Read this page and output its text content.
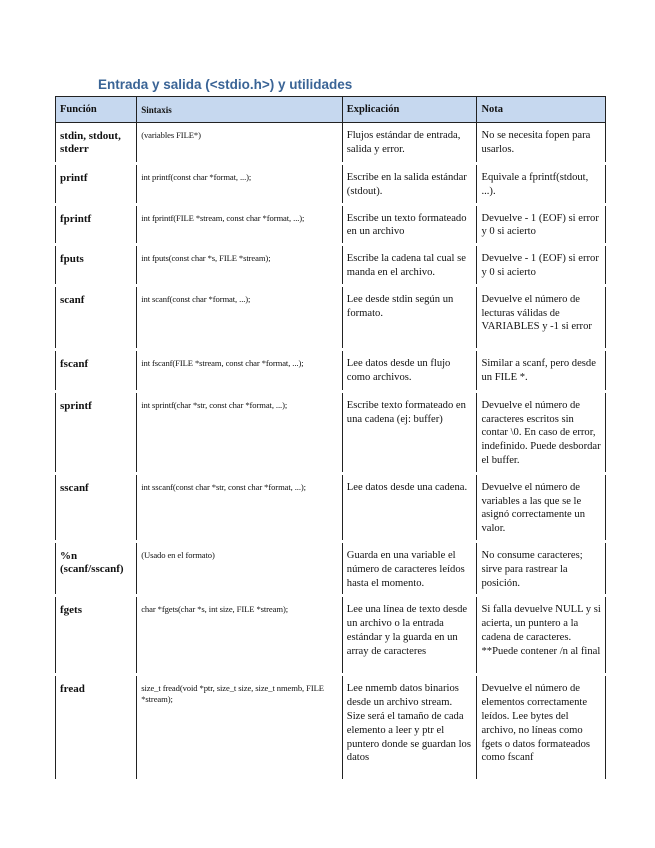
Entrada y salida (<stdio.h>) y utilidades
Función	Sintaxis	Explicación	Nota
stdin, stdout, stderr	(variables FILE*)	Flujos estándar de entrada, salida y error.	No se necesita fopen para usarlos.
printf	int printf(const char *format, ...);	Escribe en la salida estándar (stdout).	Equivale a fprintf(stdout, ...).
fprintf	int fprintf(FILE *stream, const char *format, ...);	Escribe un texto formateado en un archivo	Devuelve - 1 (EOF) si error y 0 si acierto
fputs	int fputs(const char *s, FILE *stream);	Escribe la cadena tal cual se manda en el archivo.	Devuelve - 1 (EOF) si error y 0 si acierto
scanf	int scanf(const char *format, ...);	Lee desde stdin según un formato.	Devuelve el número de lecturas válidas de VARIABLES y -1 si error
fscanf	int fscanf(FILE *stream, const char *format, ...);	Lee datos desde un flujo como archivos.	Similar a scanf, pero desde un FILE *.
sprintf	int sprintf(char *str, const char *format, ...);	Escribe texto formateado en una cadena (ej: buffer)	Devuelve el número de caracteres escritos sin contar \0. En caso de error, indefinido. Puede desbordar el buffer.
sscanf	int sscanf(const char *str, const char *format, ...);	Lee datos desde una cadena.	Devuelve el número de variables a las que se le asignó correctamente un valor.
%n (scanf/sscanf)	(Usado en el formato)	Guarda en una variable el número de caracteres leídos hasta el momento.	No consume caracteres; sirve para rastrear la posición.
fgets	char *fgets(char *s, int size, FILE *stream);	Lee una línea de texto desde un archivo o la entrada estándar y la guarda en un array de caracteres	Si falla devuelve NULL y si acierta, un puntero a la cadena de caracteres. **Puede contener /n al final
fread	size_t fread(void *ptr, size_t size, size_t nmemb, FILE *stream);	Lee nmemb datos binarios desde un archivo stream. Size será el tamaño de cada elemento a leer y ptr el puntero donde se guardan los datos	Devuelve el número de elementos correctamente leídos. Lee bytes del archivo, no líneas como fgets o datos formateados como fscanf
